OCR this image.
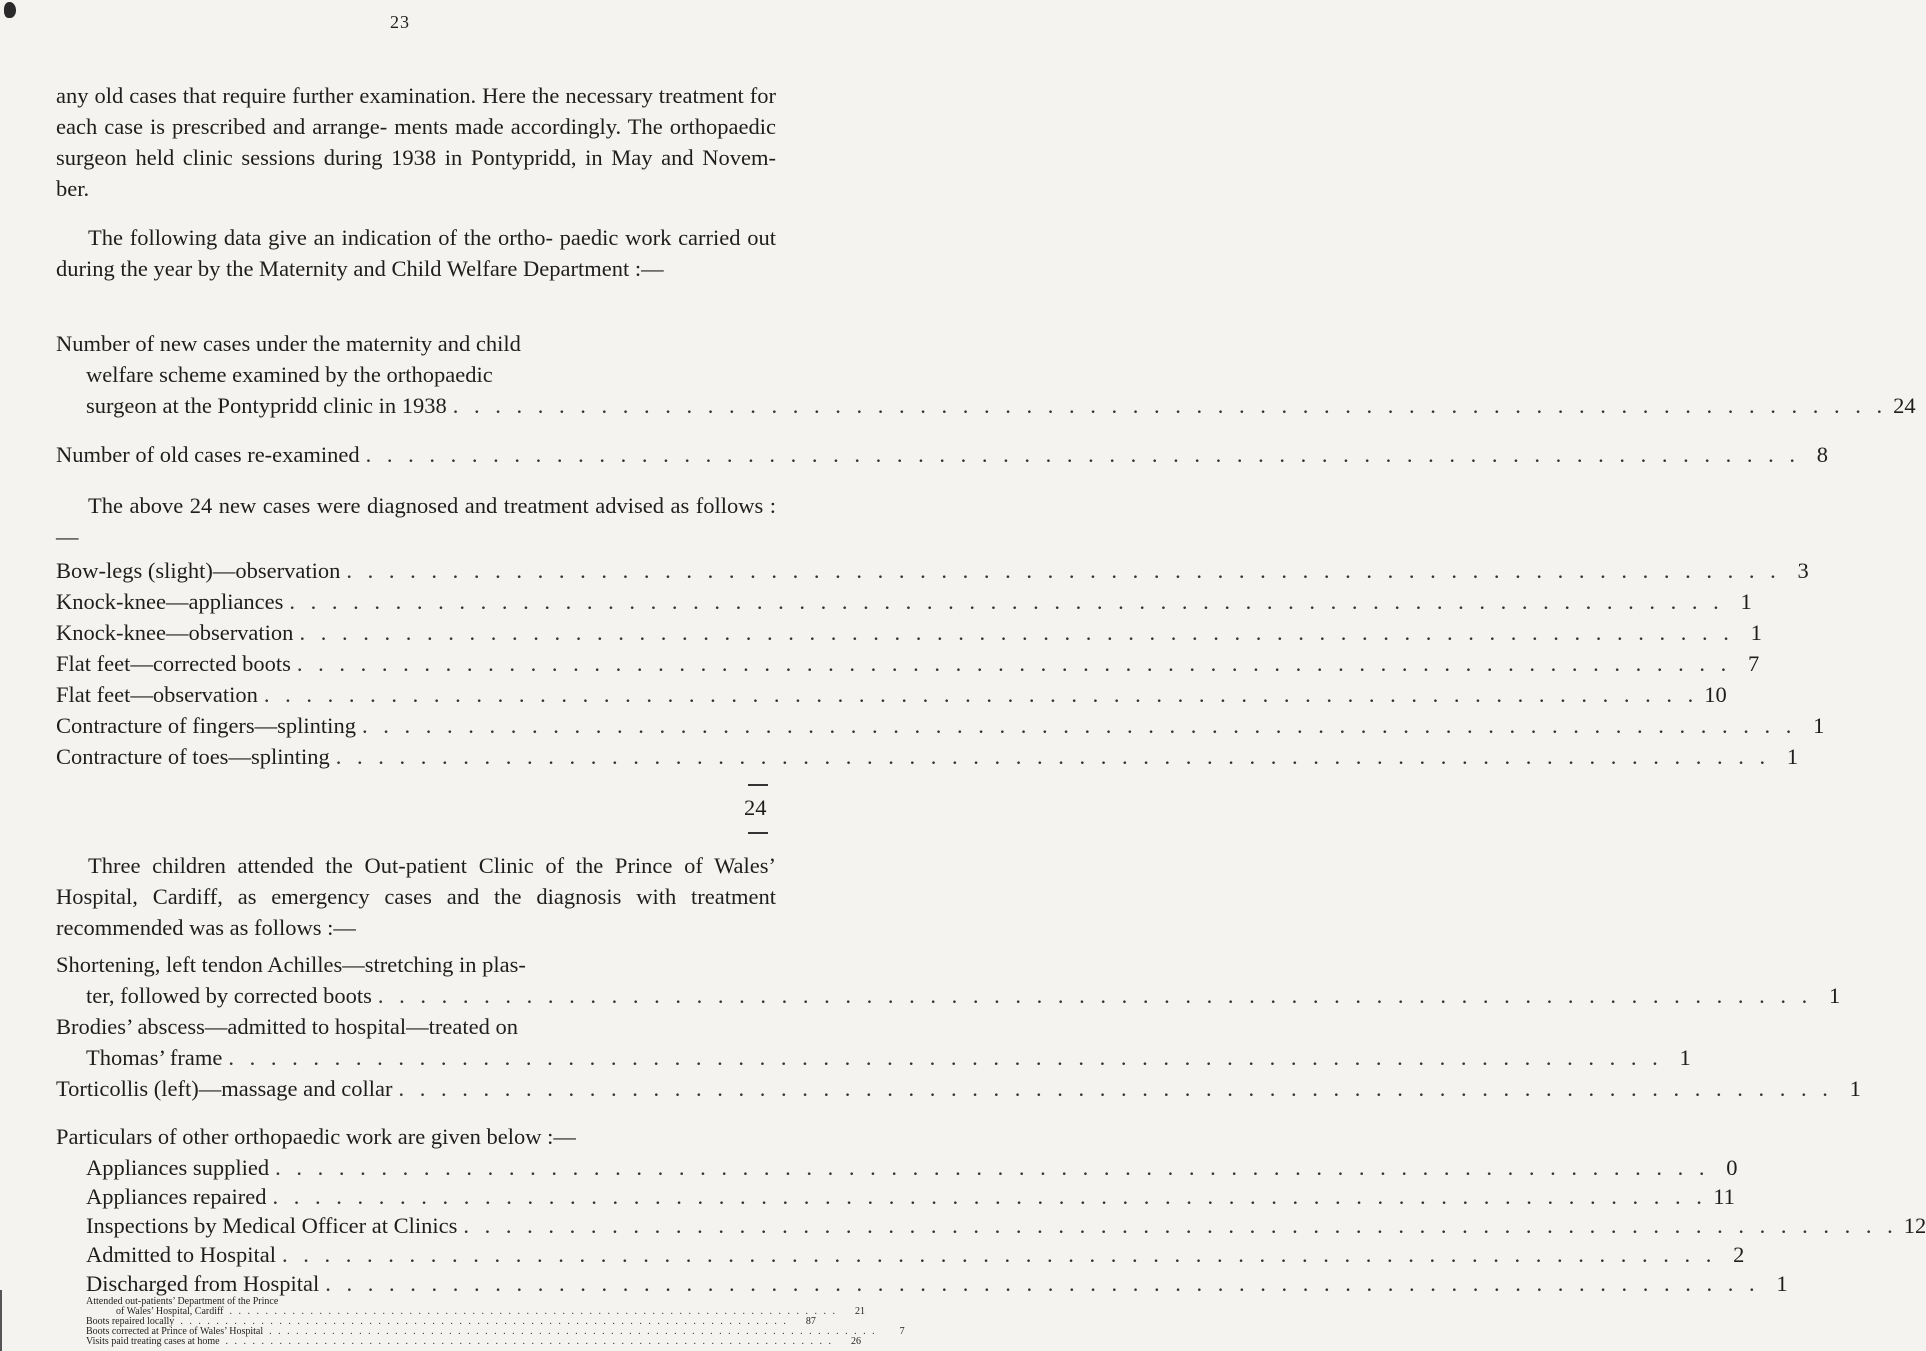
23

any old cases that require further examination. Here the necessary treatment for each case is prescribed and arrange- ments made accordingly. The orthopaedic surgeon held clinic sessions during 1938 in Pontypridd, in May and Novem- ber.

The following data give an indication of the ortho- paedic work carried out during the year by the Maternity and Child Welfare Department :—

Number of new cases under the maternity and child
welfare scheme examined by the orthopaedic
surgeon at the Pontypridd clinic in 1938 . . . . . . . . . . . . . . . . . . . . . . . . . . . . . . . . . . . . . . . . . . . . . . . . . . . . . . . . . . . . . . . . . . . . 24
Number of old cases re-examined . . . . . . . . . . . . . . . . . . . . . . . . . . . . . . . . . . . . . . . . . . . . . . . . . . . . . . . . . . . . . . . . . . . . 8

The above 24 new cases were diagnosed and treatment advised as follows :—

Bow-legs (slight)—observation . . . . . . . . . . . . . . . . . . . . . . . . . . . . . . . . . . . . . . . . . . . . . . . . . . . . . . . . . . . . . . . . . . . . 3
Knock-knee—appliances . . . . . . . . . . . . . . . . . . . . . . . . . . . . . . . . . . . . . . . . . . . . . . . . . . . . . . . . . . . . . . . . . . . . 1
Knock-knee—observation . . . . . . . . . . . . . . . . . . . . . . . . . . . . . . . . . . . . . . . . . . . . . . . . . . . . . . . . . . . . . . . . . . . . 1
Flat feet—corrected boots . . . . . . . . . . . . . . . . . . . . . . . . . . . . . . . . . . . . . . . . . . . . . . . . . . . . . . . . . . . . . . . . . . . . 7
Flat feet—observation . . . . . . . . . . . . . . . . . . . . . . . . . . . . . . . . . . . . . . . . . . . . . . . . . . . . . . . . . . . . . . . . . . . . 10
Contracture of fingers—splinting . . . . . . . . . . . . . . . . . . . . . . . . . . . . . . . . . . . . . . . . . . . . . . . . . . . . . . . . . . . . . . . . . . . . 1
Contracture of toes—splinting . . . . . . . . . . . . . . . . . . . . . . . . . . . . . . . . . . . . . . . . . . . . . . . . . . . . . . . . . . . . . . . . . . . . 1
24

Three children attended the Out-patient Clinic of the Prince of Wales’ Hospital, Cardiff, as emergency cases and the diagnosis with treatment recommended was as follows :—

Shortening, left tendon Achilles—stretching in plas-
ter, followed by corrected boots . . . . . . . . . . . . . . . . . . . . . . . . . . . . . . . . . . . . . . . . . . . . . . . . . . . . . . . . . . . . . . . . . . . . 1
Brodies’ abscess—admitted to hospital—treated on
Thomas’ frame . . . . . . . . . . . . . . . . . . . . . . . . . . . . . . . . . . . . . . . . . . . . . . . . . . . . . . . . . . . . . . . . . . . . 1
Torticollis (left)—massage and collar . . . . . . . . . . . . . . . . . . . . . . . . . . . . . . . . . . . . . . . . . . . . . . . . . . . . . . . . . . . . . . . . . . . . 1
Particulars of other orthopaedic work are given below :—
Appliances supplied . . . . . . . . . . . . . . . . . . . . . . . . . . . . . . . . . . . . . . . . . . . . . . . . . . . . . . . . . . . . . . . . . . . . 0
Appliances repaired . . . . . . . . . . . . . . . . . . . . . . . . . . . . . . . . . . . . . . . . . . . . . . . . . . . . . . . . . . . . . . . . . . . . 11
Inspections by Medical Officer at Clinics . . . . . . . . . . . . . . . . . . . . . . . . . . . . . . . . . . . . . . . . . . . . . . . . . . . . . . . . . . . . . . . . . . . . 12
Admitted to Hospital . . . . . . . . . . . . . . . . . . . . . . . . . . . . . . . . . . . . . . . . . . . . . . . . . . . . . . . . . . . . . . . . . . . . 2
Discharged from Hospital . . . . . . . . . . . . . . . . . . . . . . . . . . . . . . . . . . . . . . . . . . . . . . . . . . . . . . . . . . . . . . . . . . . . 1
Attended out-patients’ Department of the Prince
of Wales’ Hospital, Cardiff . . . . . . . . . . . . . . . . . . . . . . . . . . . . . . . . . . . . . . . . . . . . . . . . . . . . . . . . . . . . . . . . . . . .	21
Boots repaired locally . . . . . . . . . . . . . . . . . . . . . . . . . . . . . . . . . . . . . . . . . . . . . . . . . . . . . . . . . . . . . . . . . . . .	87
Boots corrected at Prince of Wales’ Hospital . . . . . . . . . . . . . . . . . . . . . . . . . . . . . . . . . . . . . . . . . . . . . . . . . . . . . . . . . . . . . . . . . . . .	7
Visits paid treating cases at home . . . . . . . . . . . . . . . . . . . . . . . . . . . . . . . . . . . . . . . . . . . . . . . . . . . . . . . . . . . . . . . . . . . .	26
